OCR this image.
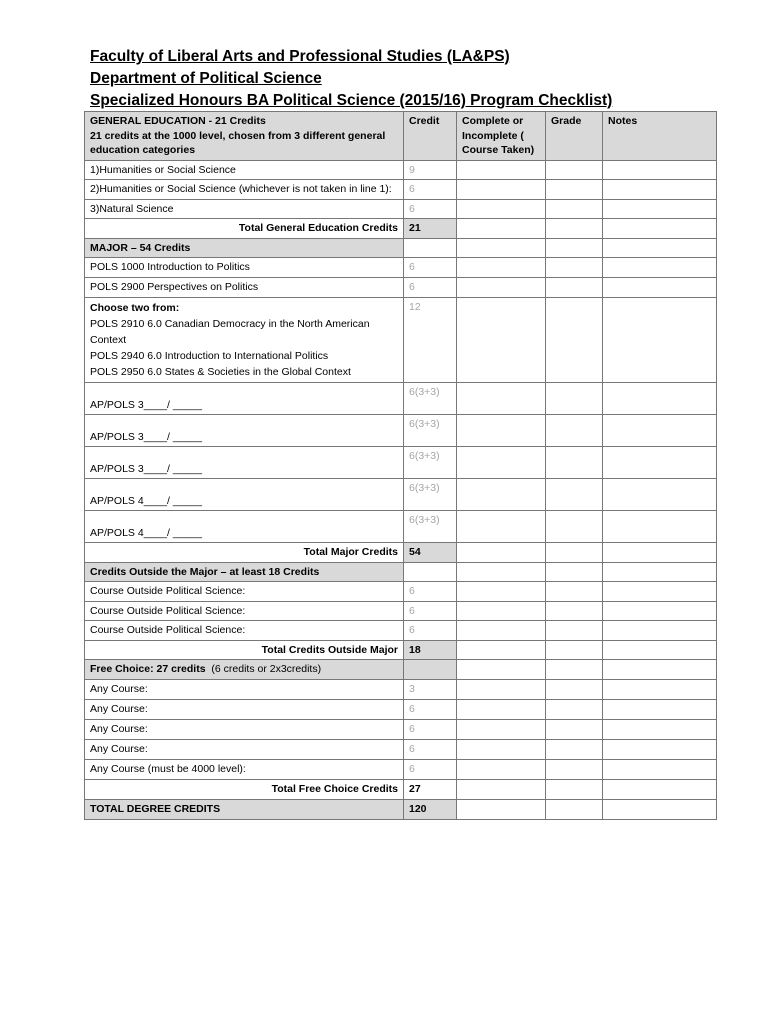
Faculty of Liberal Arts and Professional Studies (LA&PS)
Department of Political Science
Specialized Honours BA Political Science (2015/16) Program Checklist)
GENERAL EDUCATION - 21 Credits
21 credits at the 1000 level, chosen from 3 different general education categories	Credit	Complete or Incomplete ( Course Taken)	Grade	Notes
1)Humanities or Social Science	9			
2)Humanities or Social Science (whichever is not taken in line 1):	6			
3)Natural Science	6			
Total General Education Credits	21			
MAJOR – 54 Credits				
POLS 1000 Introduction to Politics	6			
POLS 2900 Perspectives on Politics	6			

Choose two from:
POLS 2910 6.0 Canadian Democracy in the North American Context
POLS 2940 6.0 Introduction to International Politics
POLS 2950 6.0 States & Societies in the Global Context	12			
AP/POLS 3____/ _____	6(3+3)			
AP/POLS 3____/ _____	6(3+3)			
AP/POLS 3____/ _____	6(3+3)			
AP/POLS 4____/ _____	6(3+3)			
AP/POLS 4____/ _____	6(3+3)			
Total Major Credits	54			
Credits Outside the Major – at least 18 Credits				
Course Outside Political Science:	6			
Course Outside Political Science:	6			
Course Outside Political Science:	6			
Total Credits Outside Major	18			
Free Choice: 27 credits (6 credits or 2x3credits)				
Any Course:	3			
Any Course:	6			
Any Course:	6			
Any Course:	6			
Any Course (must be 4000 level):	6			
Total Free Choice Credits	27			
TOTAL DEGREE CREDITS	120			
